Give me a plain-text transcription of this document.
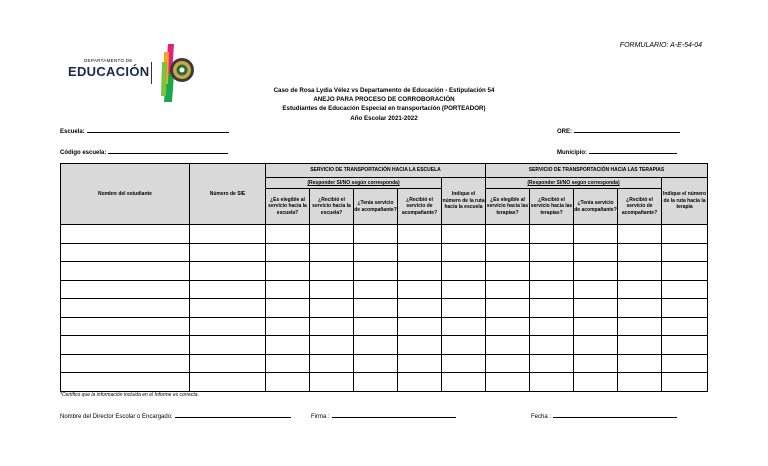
FORMULARIO: A-E-54-04
DEPARTAMENTO DE
EDUCACIÓN
Caso de Rosa Lydia Vélez vs Departamento de Educación - Estipulación 54
ANEJO PARA PROCESO DE CORROBORACIÓN
Estudiantes de Educación Especial en transportación (PORTEADOR)
Año Escolar 2021-2022
Escuela:	ORE:
Código escuela:	Municipio:
Nombre del estudiante	Número de SIE	SERVICIO DE TRANSPORTACIÓN HACIA LA ESCUELA					SERVICIO DE TRANSPORTACIÓN HACIA LAS TERAPIAS				
		(Responder SI/NO según corresponda)				Indique el número de la ruta hacia la escuela	(Responder SI/NO según corresponda)				Indique el número de la ruta hacia la terapia
		¿Es elegible al servicio hacia la escuela?	¿Recibió el servicio hacia la escuela?	¿Tenía servicio de acompañante?	¿Recibió el servicio de acompañante?		¿Es elegible al servicio hacia las terapias?	¿Recibió el servicio hacia las terapias?	¿Tenía servicio de acompañante?	¿Recibió el servicio de acompañante?	

*Certifico que la información incluida en el Informe es correcta.
Nombre del Director Escolar o Encargado:	Firma :	Fecha :
